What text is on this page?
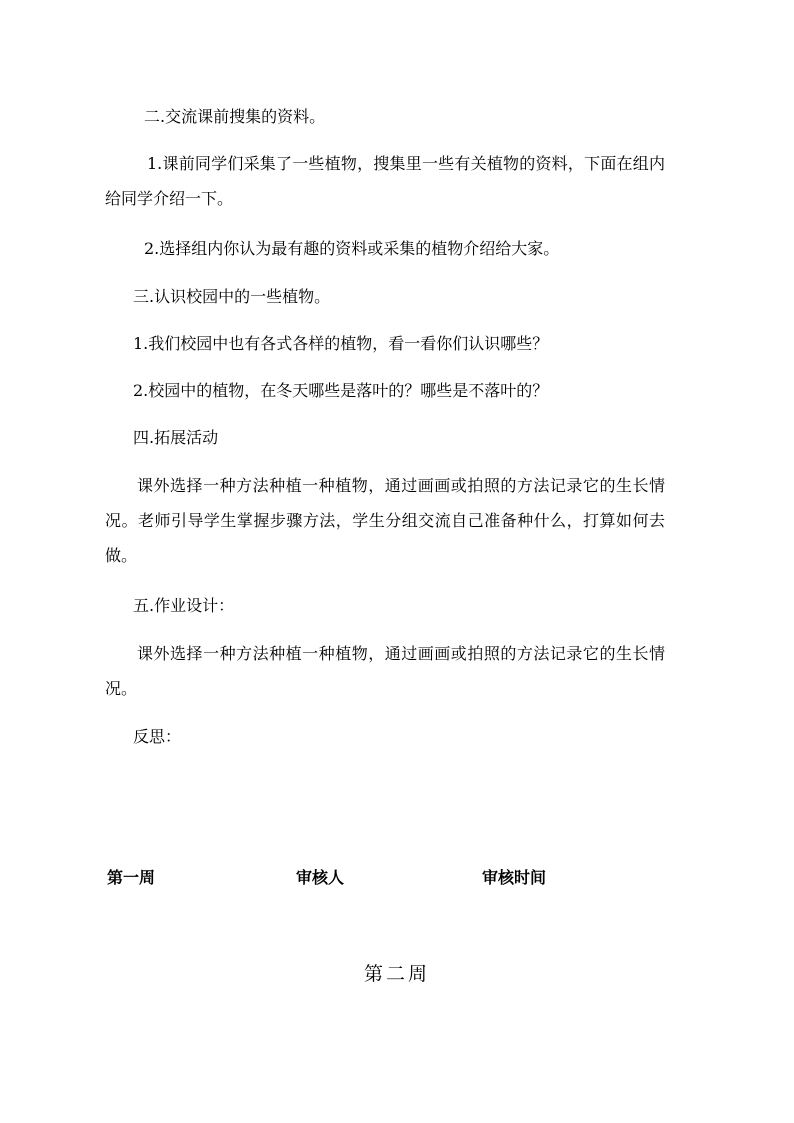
二.交流课前搜集的资料。

1.课前同学们采集了一些植物，搜集里一些有关植物的资料，下面在组内给同学介绍一下。

2.选择组内你认为最有趣的资料或采集的植物介绍给大家。

三.认识校园中的一些植物。

1.我们校园中也有各式各样的植物，看一看你们认识哪些？

2.校园中的植物，在冬天哪些是落叶的？哪些是不落叶的？

四.拓展活动

课外选择一种方法种植一种植物，通过画画或拍照的方法记录它的生长情况。老师引导学生掌握步骤方法，学生分组交流自己准备种什么，打算如何去做。

五.作业设计：

课外选择一种方法种植一种植物，通过画画或拍照的方法记录它的生长情况。

反思：

第一周	审核人	审核时间

第二周
